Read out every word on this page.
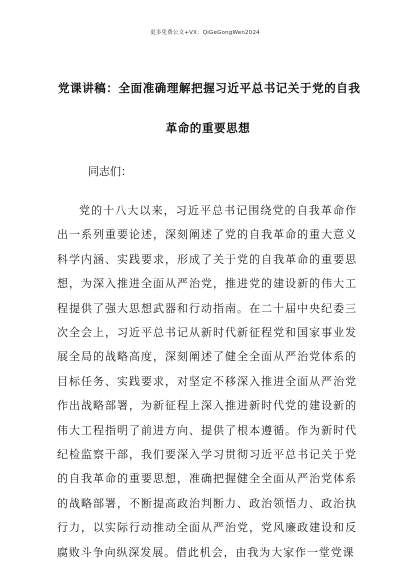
更多免费公文+VX：QiGeGongWen2024
党课讲稿：全面准确理解把握习近平总书记关于党的自我
革命的重要思想
同志们：

党的十八大以来，习近平总书记围绕党的自我革命作出一系列重要论述，深刻阐述了党的自我革命的重大意义科学内涵、实践要求，形成了关于党的自我革命的重要思想，为深入推进全面从严治党，推进党的建设新的伟大工程提供了强大思想武器和行动指南。在二十届中央纪委三次全会上，习近平总书记从新时代新征程党和国家事业发展全局的战略高度，深刻阐述了健全全面从严治党体系的目标任务、实践要求，对坚定不移深入推进全面从严治党作出战略部署，为新征程上深入推进新时代党的建设新的伟大工程指明了前进方向、提供了根本遵循。作为新时代纪检监察干部，我们要深入学习贯彻习近平总书记关于党的自我革命的重要思想，准确把握健全全面从严治党体系的战略部署，不断提高政治判断力、政治领悟力、政治执行力，以实际行动推动全面从严治党，党风廉政建设和反腐败斗争向纵深发展。借此机会，由我为大家作一堂党课
